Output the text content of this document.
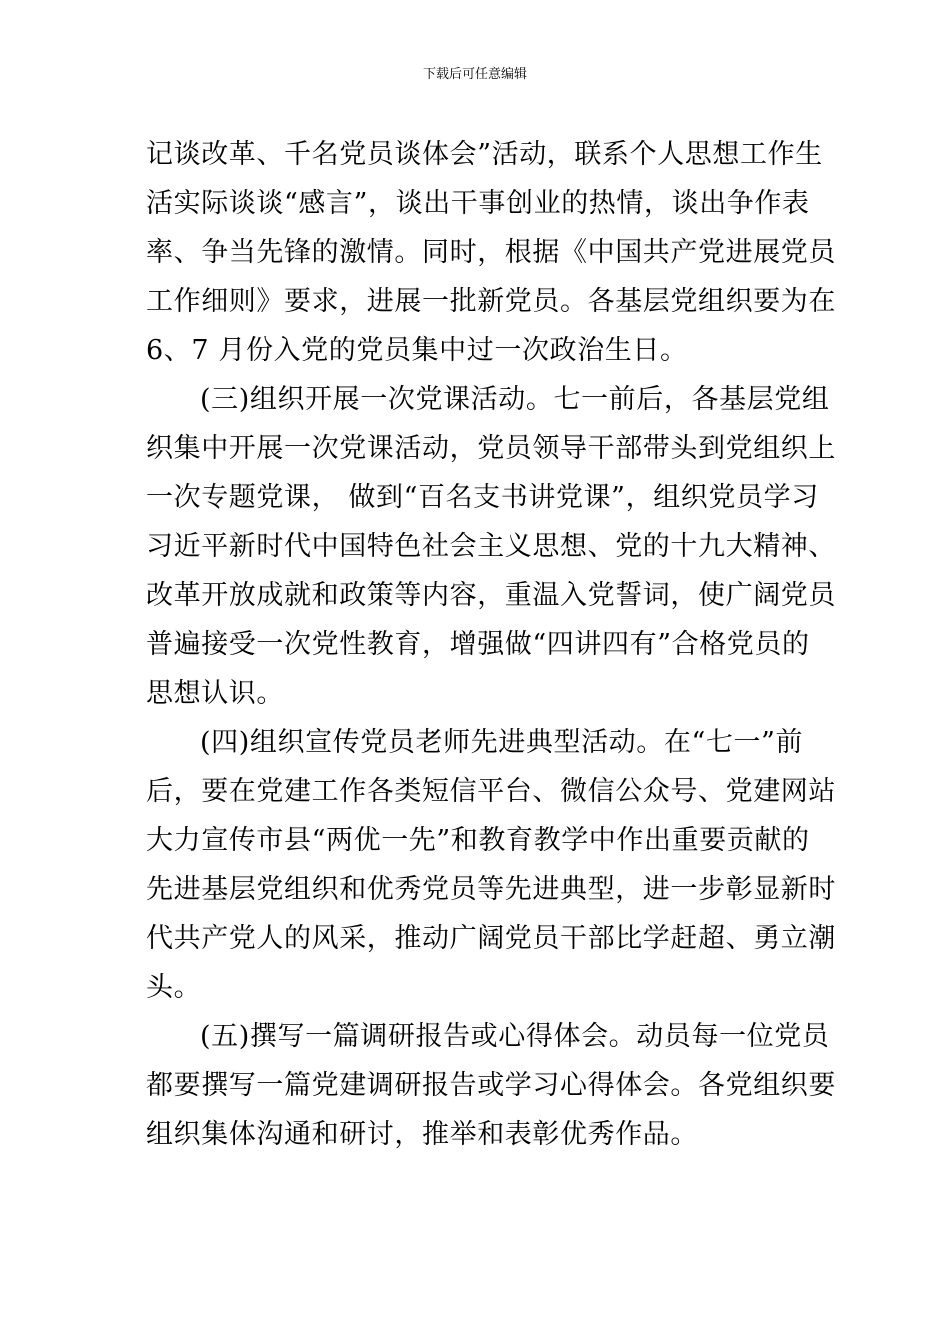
下载后可任意编辑
记谈改革、千名党员谈体会”活动，联系个人思想工作生
活实际谈谈“感言”，谈出干事创业的热情，谈出争作表
率、争当先锋的激情。同时，根据《中国共产党进展党员
工作细则》要求，进展一批新党员。各基层党组织要为在
6、7 月份入党的党员集中过一次政治生日。
(三)组织开展一次党课活动。七一前后，各基层党组
织集中开展一次党课活动，党员领导干部带头到党组织上
一次专题党课， 做到“百名支书讲党课”，组织党员学习
习近平新时代中国特色社会主义思想、党的十九大精神、
改革开放成就和政策等内容，重温入党誓词，使广阔党员
普遍接受一次党性教育，增强做“四讲四有”合格党员的
思想认识。
(四)组织宣传党员老师先进典型活动。在“七一”前
后，要在党建工作各类短信平台、微信公众号、党建网站
大力宣传市县“两优一先”和教育教学中作出重要贡献的
先进基层党组织和优秀党员等先进典型，进一步彰显新时
代共产党人的风采，推动广阔党员干部比学赶超、勇立潮
头。
(五)撰写一篇调研报告或心得体会。动员每一位党员
都要撰写一篇党建调研报告或学习心得体会。各党组织要
组织集体沟通和研讨，推举和表彰优秀作品。
